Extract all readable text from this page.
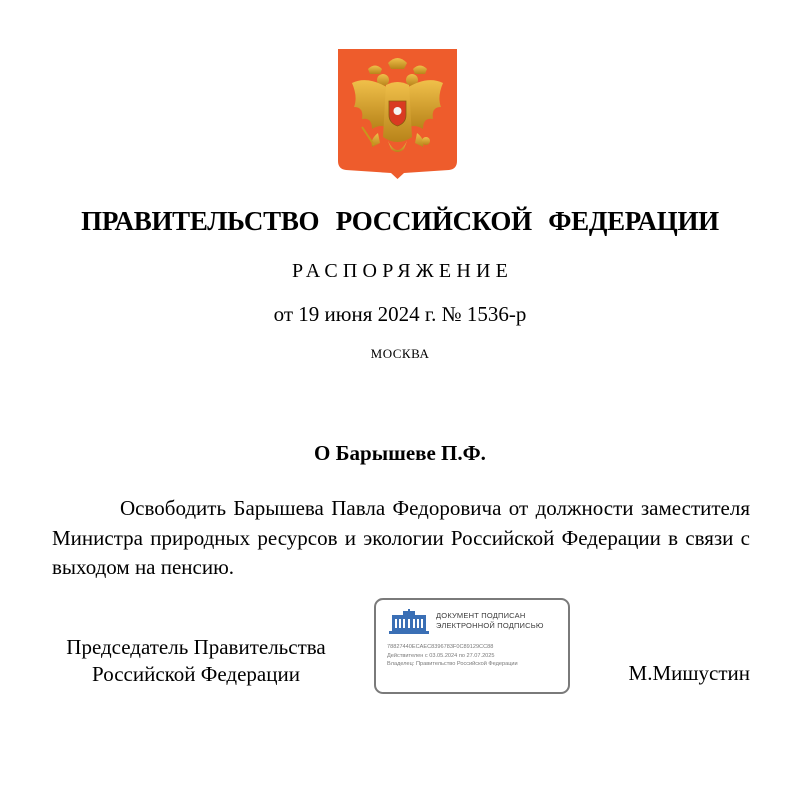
ПРАВИТЕЛЬСТВО РОССИЙСКОЙ ФЕДЕРАЦИИ
РАСПОРЯЖЕНИЕ
от 19 июня 2024 г. № 1536-р
МОСКВА
О Барышеве П.Ф.
Освободить Барышева Павла Федоровича от должности заместителя Министра природных ресурсов и экологии Российской Федерации в связи с выходом на пенсию.
Председатель Правительства
Российской Федерации
ДОКУМЕНТ ПОДПИСАН
ЭЛЕКТРОННОЙ ПОДПИСЬЮ
78827440ECAEC8396783F0C89129CC88
Действителен с 03.05.2024 по 27.07.2025
Владелец: Правительство Российской Федерации	М.Мишустин
